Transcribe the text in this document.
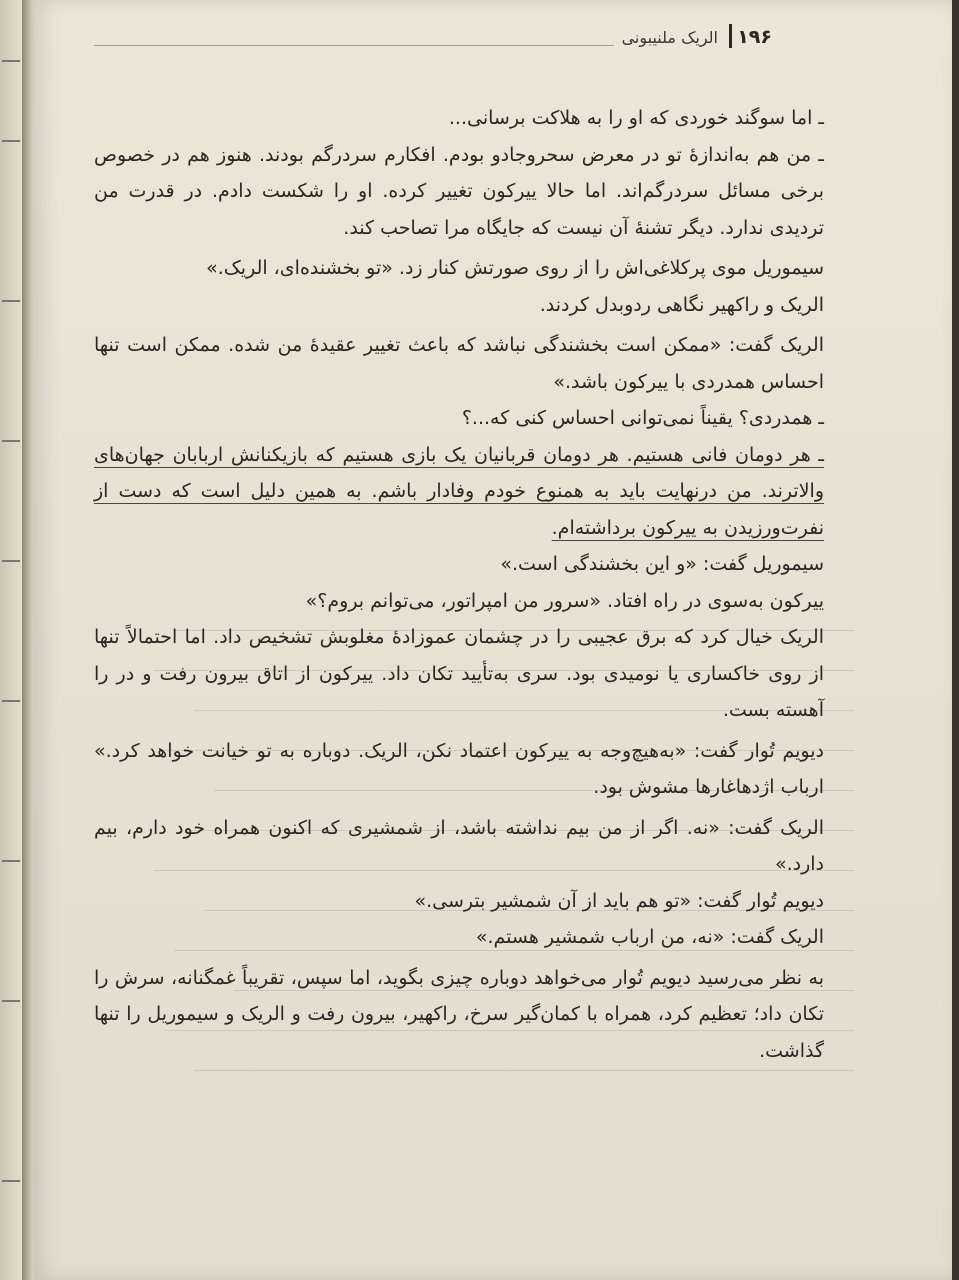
۱۹۶
الریک ملنیبونی

ـ اما سوگند خوردی که او را به هلاکت برسانی...

ـ من هم به‌اندازهٔ تو در معرض سحروجادو بودم. افکارم سردرگم بودند. هنوز هم در خصوص برخی مسائل سردرگم‌اند. اما حالا ییرکون تغییر کرده. او را شکست دادم. در قدرت من تردیدی ندارد. دیگر تشنهٔ آن نیست که جایگاه مرا تصاحب کند.

سیموریل موی پرکلاغی‌اش را از روی صورتش کنار زد. «تو بخشنده‌ای، الریک.»

الریک و راکهیر نگاهی ردوبدل کردند.

الریک گفت: «ممکن است بخشندگی نباشد که باعث تغییر عقیدهٔ من شده. ممکن است تنها احساس همدردی با ییرکون باشد.»

ـ همدردی؟ یقیناً نمی‌توانی احساس کنی که...؟

ـ هر دومان فانی هستیم. هر دومان قربانیان یک بازی هستیم که بازیکنانش اربابان جهان‌های والاترند. من درنهایت باید به همنوع خودم وفادار باشم. به همین دلیل است که دست از نفرت‌ورزیدن به ییرکون برداشته‌ام.

سیموریل گفت: «و این بخشندگی است.»

ییرکون به‌سوی در راه افتاد. «سرور من امپراتور، می‌توانم بروم؟»

الریک خیال کرد که برق عجیبی را در چشمان عموزادهٔ مغلوبش تشخیص داد. اما احتمالاً تنها از روی خاکساری یا نومیدی بود. سری به‌تأیید تکان داد. ییرکون از اتاق بیرون رفت و در را آهسته بست.

دیویم تُوار گفت: «به‌هیچ‌وجه به ییرکون اعتماد نکن، الریک. دوباره به تو خیانت خواهد کرد.» ارباب اژدهاغارها مشوش بود.

الریک گفت: «نه. اگر از من بیم نداشته باشد، از شمشیری که اکنون همراه خود دارم، بیم دارد.»

دیویم تُوار گفت: «تو هم باید از آن شمشیر بترسی.»

الریک گفت: «نه، من ارباب شمشیر هستم.»

به نظر می‌رسید دیویم تُوار می‌خواهد دوباره چیزی بگوید، اما سپس، تقریباً غمگنانه، سرش را تکان داد؛ تعظیم کرد، همراه با کمان‌گیر سرخ، راکهیر، بیرون رفت و الریک و سیموریل را تنها گذاشت.
